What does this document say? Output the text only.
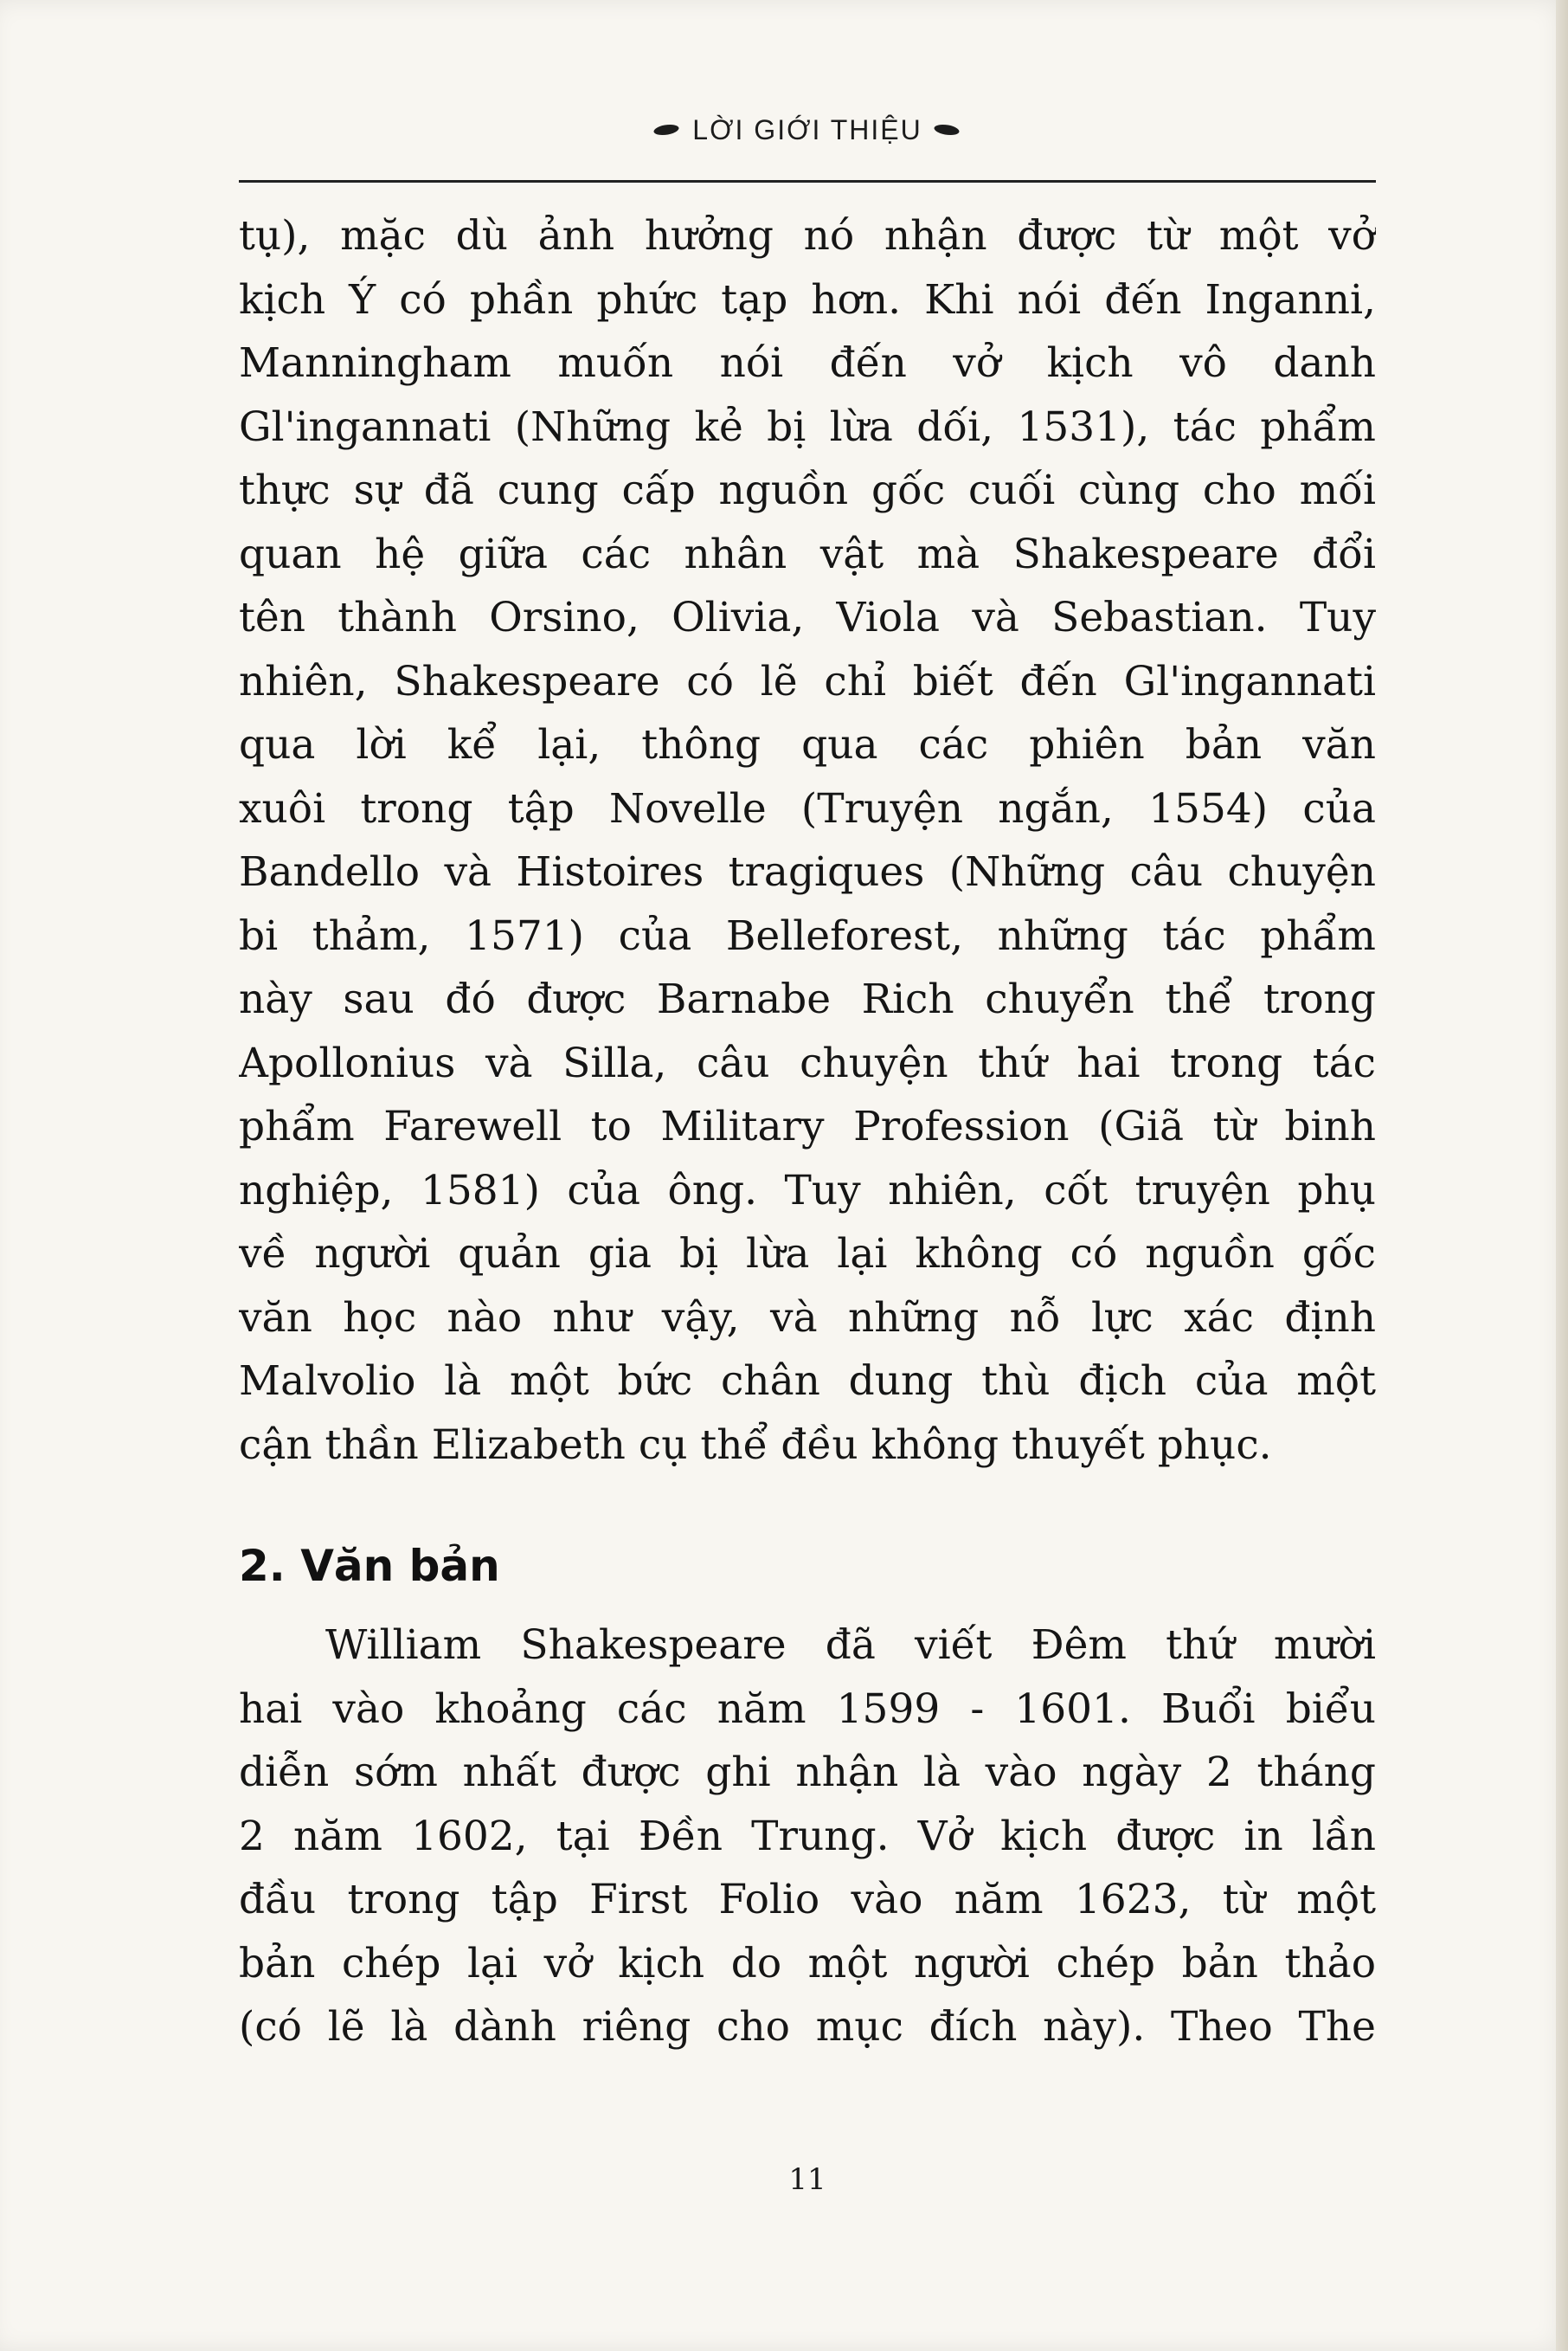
LỜI GIỚI THIỆU
tụ), mặc dù ảnh hưởng nó nhận được từ một vở
kịch Ý có phần phức tạp hơn. Khi nói đến Inganni,
Manningham muốn nói đến vở kịch vô danh
Gl'ingannati (Những kẻ bị lừa dối, 1531), tác phẩm
thực sự đã cung cấp nguồn gốc cuối cùng cho mối
quan hệ giữa các nhân vật mà Shakespeare đổi
tên thành Orsino, Olivia, Viola và Sebastian. Tuy
nhiên, Shakespeare có lẽ chỉ biết đến Gl'ingannati
qua lời kể lại, thông qua các phiên bản văn
xuôi trong tập Novelle (Truyện ngắn, 1554) của
Bandello và Histoires tragiques (Những câu chuyện
bi thảm, 1571) của Belleforest, những tác phẩm
này sau đó được Barnabe Rich chuyển thể trong
Apollonius và Silla, câu chuyện thứ hai trong tác
phẩm Farewell to Military Profession (Giã từ binh
nghiệp, 1581) của ông. Tuy nhiên, cốt truyện phụ
về người quản gia bị lừa lại không có nguồn gốc
văn học nào như vậy, và những nỗ lực xác định
Malvolio là một bức chân dung thù địch của một
cận thần Elizabeth cụ thể đều không thuyết phục.
2. Văn bản
William Shakespeare đã viết Đêm thứ mười
hai vào khoảng các năm 1599 - 1601. Buổi biểu
diễn sớm nhất được ghi nhận là vào ngày 2 tháng
2 năm 1602, tại Đền Trung. Vở kịch được in lần
đầu trong tập First Folio vào năm 1623, từ một
bản chép lại vở kịch do một người chép bản thảo
(có lẽ là dành riêng cho mục đích này). Theo The
11
